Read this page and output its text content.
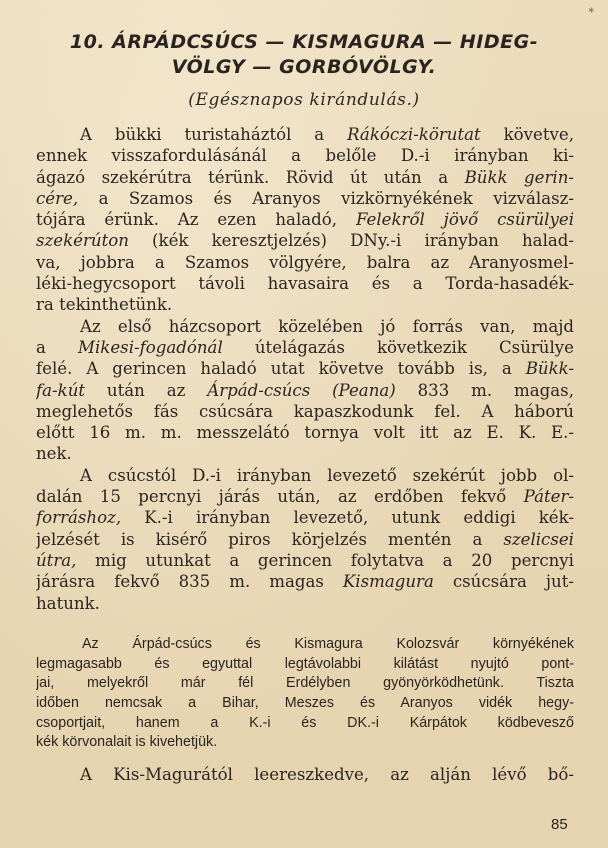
*
10. ÁRPÁDCSÚCS — KISMAGURA — HIDEG-
VÖLGY — GORBÓVÖLGY.
(Egésznapos kirándulás.)
A bükki turistaháztól a Rákóczi-körutat követve,
ennek visszafordulásánál a belőle D.-i irányban ki-
ágazó szekérútra térünk. Rövid út után a Bükk gerin-
cére, a Szamos és Aranyos vizkörnyékének vizválasz-
tójára érünk. Az ezen haladó, Felekről jövő csürülyei
szekérúton (kék keresztjelzés) DNy.-i irányban halad-
va, jobbra a Szamos völgyére, balra az Aranyosmel-
léki-hegycsoport távoli havasaira és a Torda-hasadék-
ra tekinthetünk.
Az első házcsoport közelében jó forrás van, majd
a Mikesi-fogadónál útelágazás következik Csürülye
felé. A gerincen haladó utat követve tovább is, a Bükk-
fa-kút után az Árpád-csúcs (Peana) 833 m. magas,
meglehetős fás csúcsára kapaszkodunk fel. A háború
előtt 16 m. m. messzelátó tornya volt itt az E. K. E.-
nek.
A csúcstól D.-i irányban levezető szekérút jobb ol-
dalán 15 percnyi járás után, az erdőben fekvő Páter-
forráshoz, K.-i irányban levezető, utunk eddigi kék-
jelzését is kisérő piros körjelzés mentén a szelicsei
útra, mig utunkat a gerincen folytatva a 20 percnyi
járásra fekvő 835 m. magas Kismagura csúcsára jut-
hatunk.
Az Árpád-csúcs és Kismagura Kolozsvár környékének
legmagasabb és egyuttal legtávolabbi kilátást nyujtó pont-
jai, melyekről már fél Erdélyben gyönyörködhetünk. Tiszta
időben nemcsak a Bihar, Meszes és Aranyos vidék hegy-
csoportjait, hanem a K.-i és DK.-i Kárpátok ködbevesző
kék körvonalait is kivehetjük.
A Kis-Magurától leereszkedve, az alján lévő bő-
85
